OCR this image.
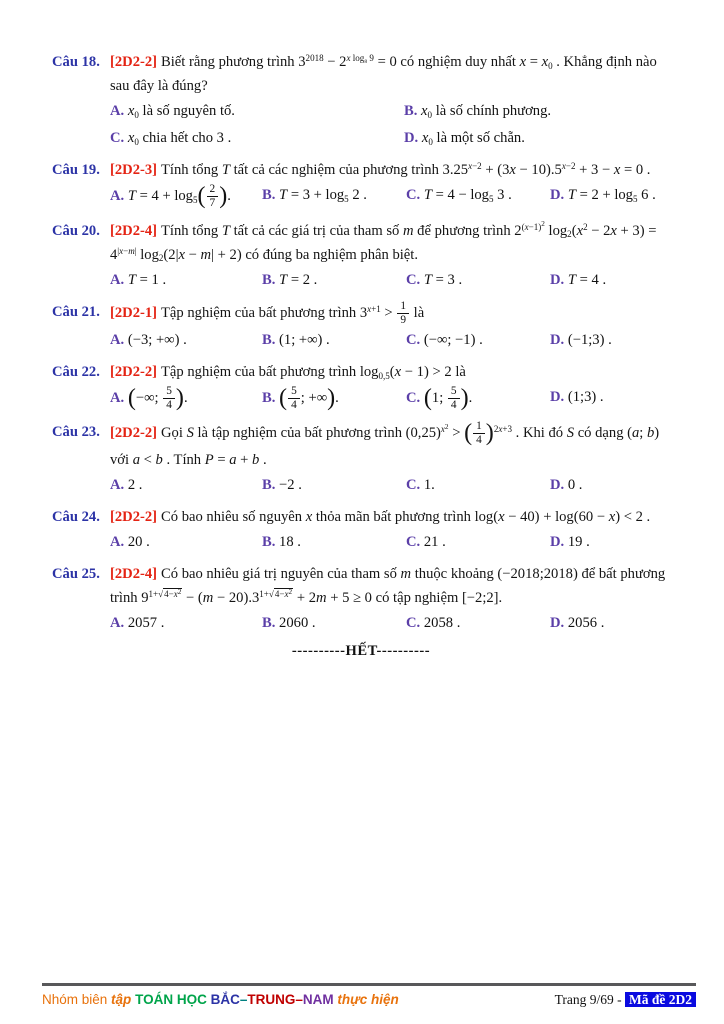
Câu 18. [2D2-2] Biết rằng phương trình $3^{2018} - 2^{x log_8 9} = 0$ có nghiệm duy nhất $x = x_0$ . Khẳng định nào sau đây là đúng?
A. $x_0$ là số nguyên tố.	B. $x_0$ là số chính phương.
C. $x_0$ chia hết cho 3 .	D. $x_0$ là một số chẵn.
Câu 19. [2D2-3] Tính tổng T tất cả các nghiệm của phương trình $3.25^{x-2} + (3x - 10).5^{x-2} + 3 - x = 0$ .
A. $T = 4 + \log_5( \frac{2}{7}$ ).	B. $T = 3 + \log_5 2$ .	C. $T = 4 - \log_5 3$ .	D. $T = 2 + \log_5 6$ .
Câu 20. [2D2-4] Tính tổng T tất cả các giá trị của tham số m để phương trình $2^{(x-1)^2}$ $\log_2(x^2 - 2x + 3) = 4^{|x-m|}$ $\log_2(2|x - m| + 2)$ có đúng ba nghiệm phân biệt.
A. T = 1 .	B. T = 2 .	C. T = 3 .	D. T = 4 .
Câu 21. [2D2-1] Tập nghiệm của bất phương trình $3^{x+1} > \frac{1}{9}$ là
A. (−3; +∞) .	B. (1; +∞) .	C. (−∞; −1) .	D. (−1;3) .
Câu 22. [2D2-2] Tập nghiệm của bất phương trình $\log_{0,5}(x - 1) > 2$ là
A. (−∞; $\frac{5}{4}$ ).	B. ( $\frac{5}{4}$ ; +∞).	C. (1; $\frac{5}{4}$ ).	D. (1;3) .
Câu 23. [2D2-2] Gọi S là tập nghiệm của bất phương trình $(0,25)^{x^2}$ > ( $\frac{1}{4} )^{2x+3}$ . Khi đó S có dạng (a; b) với a < b . Tính P = a + b .
A. 2 .	B. −2 .	C. 1.	D. 0 .
Câu 24. [2D2-2] Có bao nhiêu số nguyên x thỏa mãn bất phương trình log(x − 40) + log(60 − x) < 2 .
A. 20 .	B. 18 .	C. 21 .	D. 19 .
Câu 25. [2D2-4] Có bao nhiêu giá trị nguyên của tham số m thuộc khoảng (−2018;2018) để bất phương trình $9^{1+√4-x^2} - (m - 20).3^{1+√4-x^2} + 2m + 5 \ge 0$ có tập nghiệm [−2;2].
A. 2057 .	B. 2060 .	C. 2058 .	D. 2056 .
----------HẾT----------
Nhóm biên tập TOÁN HỌC BẮC–TRUNG–NAM thực hiện	Trang 9/69 - Mã đề 2D2
